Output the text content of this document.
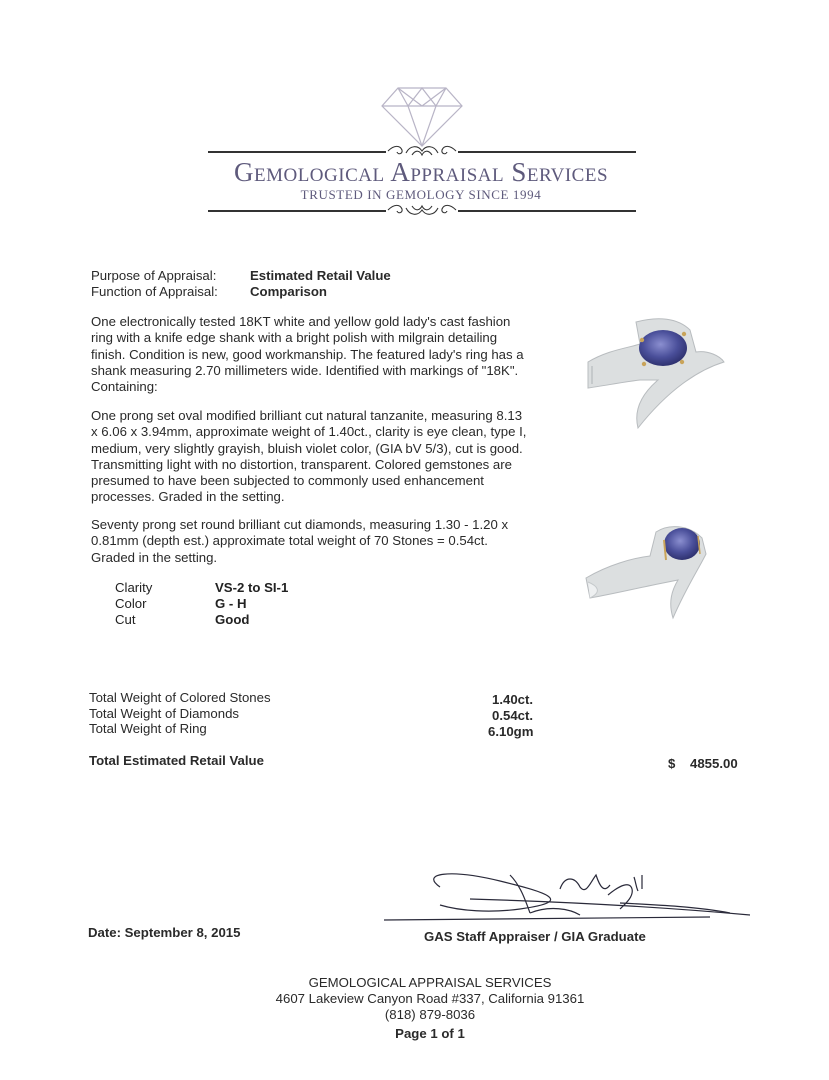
Gemological Appraisal Services
TRUSTED IN GEMOLOGY SINCE 1994
Purpose of Appraisal:	Estimated Retail Value
Function of Appraisal: Comparison
One electronically tested 18KT white and yellow gold lady's cast fashion ring with a knife edge shank with a bright polish with milgrain detailing finish. Condition is new, good workmanship. The featured lady's ring has a shank measuring 2.70 millimeters wide. Identified with markings of "18K". Containing:
One prong set oval modified brilliant cut natural tanzanite, measuring 8.13 x 6.06 x 3.94mm, approximate weight of 1.40ct., clarity is eye clean, type I, medium, very slightly grayish, bluish violet color, (GIA bV 5/3), cut is good. Transmitting light with no distortion, transparent. Colored gemstones are presumed to have been subjected to commonly used enhancement processes. Graded in the setting.
Seventy prong set round brilliant cut diamonds, measuring 1.30 - 1.20 x 0.81mm (depth est.) approximate total weight of 70 Stones = 0.54ct. Graded in the setting.
Clarity	VS-2 to SI-1
Color	G - H
Cut	Good
Total Weight of Colored Stones	1.40ct.
Total Weight of Diamonds	0.54ct.
Total Weight of Ring	6.10gm
Total Estimated Retail Value	$ 4855.00
Date: September 8, 2015	GAS Staff Appraiser / GIA Graduate
GEMOLOGICAL APPRAISAL SERVICES
4607 Lakeview Canyon Road #337, California 91361
(818) 879-8036
Page 1 of 1
